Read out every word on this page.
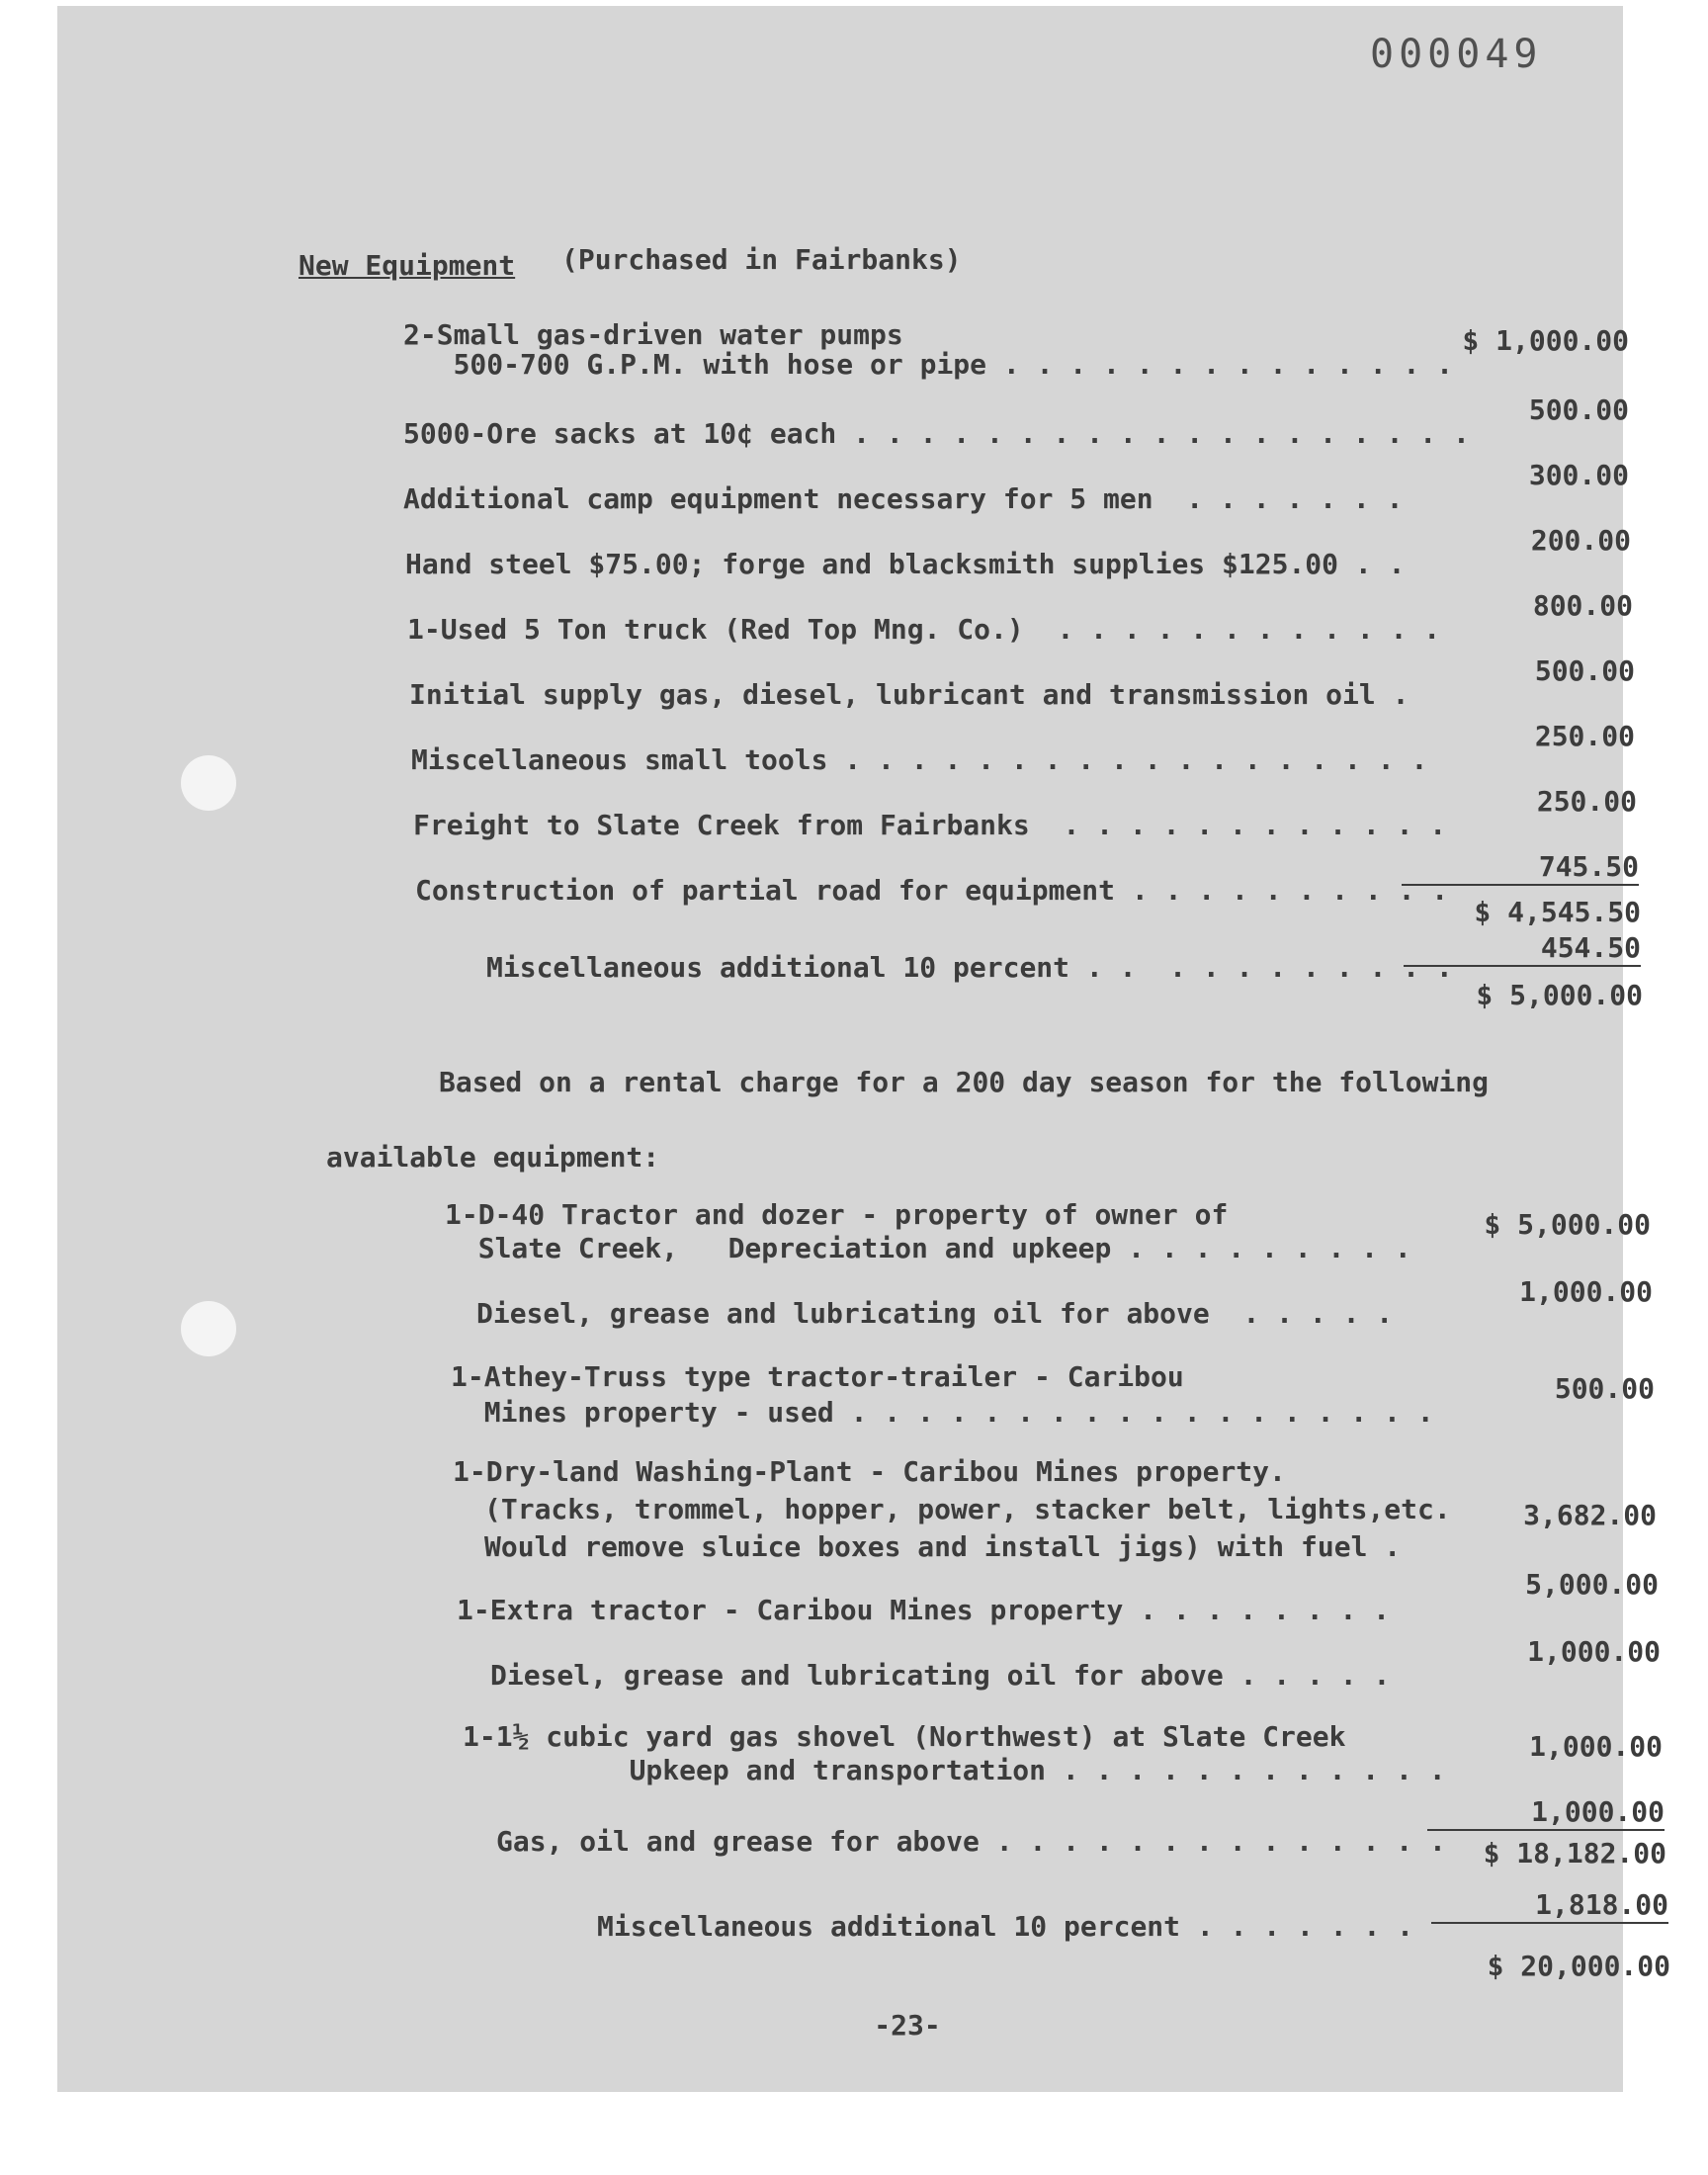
000049
New Equipment (Purchased in Fairbanks)
2-Small gas-driven water pumps
500-700 G.P.M. with hose or pipe . . . . . . . . . . . . . .
$ 1,000.00
5000-Ore sacks at 10¢ each . . . . . . . . . . . . . . . . . . .
500.00
Additional camp equipment necessary for 5 men  . . . . . . .
300.00
Hand steel $75.00; forge and blacksmith supplies $125.00 . .
200.00
1-Used 5 Ton truck (Red Top Mng. Co.)  . . . . . . . . . . . .
800.00
Initial supply gas, diesel, lubricant and transmission oil .
500.00
Miscellaneous small tools . . . . . . . . . . . . . . . . . .
250.00
Freight to Slate Creek from Fairbanks  . . . . . . . . . . . .
250.00
Construction of partial road for equipment . . . . . . . . . .
745.50
$ 4,545.50
Miscellaneous additional 10 percent . .  . . . . . . . . .
454.50
$ 5,000.00
Based on a rental charge for a 200 day season for the following
available equipment:
1-D-40 Tractor and dozer - property of owner of
Slate Creek,   Depreciation and upkeep . . . . . . . . .
$ 5,000.00
Diesel, grease and lubricating oil for above  . . . . .
1,000.00
1-Athey-Truss type tractor-trailer - Caribou
Mines property - used . . . . . . . . . . . . . . . . . .
500.00
1-Dry-land Washing-Plant - Caribou Mines property.
(Tracks, trommel, hopper, power, stacker belt, lights,etc.
Would remove sluice boxes and install jigs) with fuel .
3,682.00
1-Extra tractor - Caribou Mines property . . . . . . . .
5,000.00
Diesel, grease and lubricating oil for above . . . . .
1,000.00
1-1½ cubic yard gas shovel (Northwest) at Slate Creek
Upkeep and transportation . . . . . . . . . . . .
1,000.00
Gas, oil and grease for above . . . . . . . . . . . . . .
1,000.00
$ 18,182.00
Miscellaneous additional 10 percent . . . . . . .
1,818.00
$ 20,000.00
-23-
